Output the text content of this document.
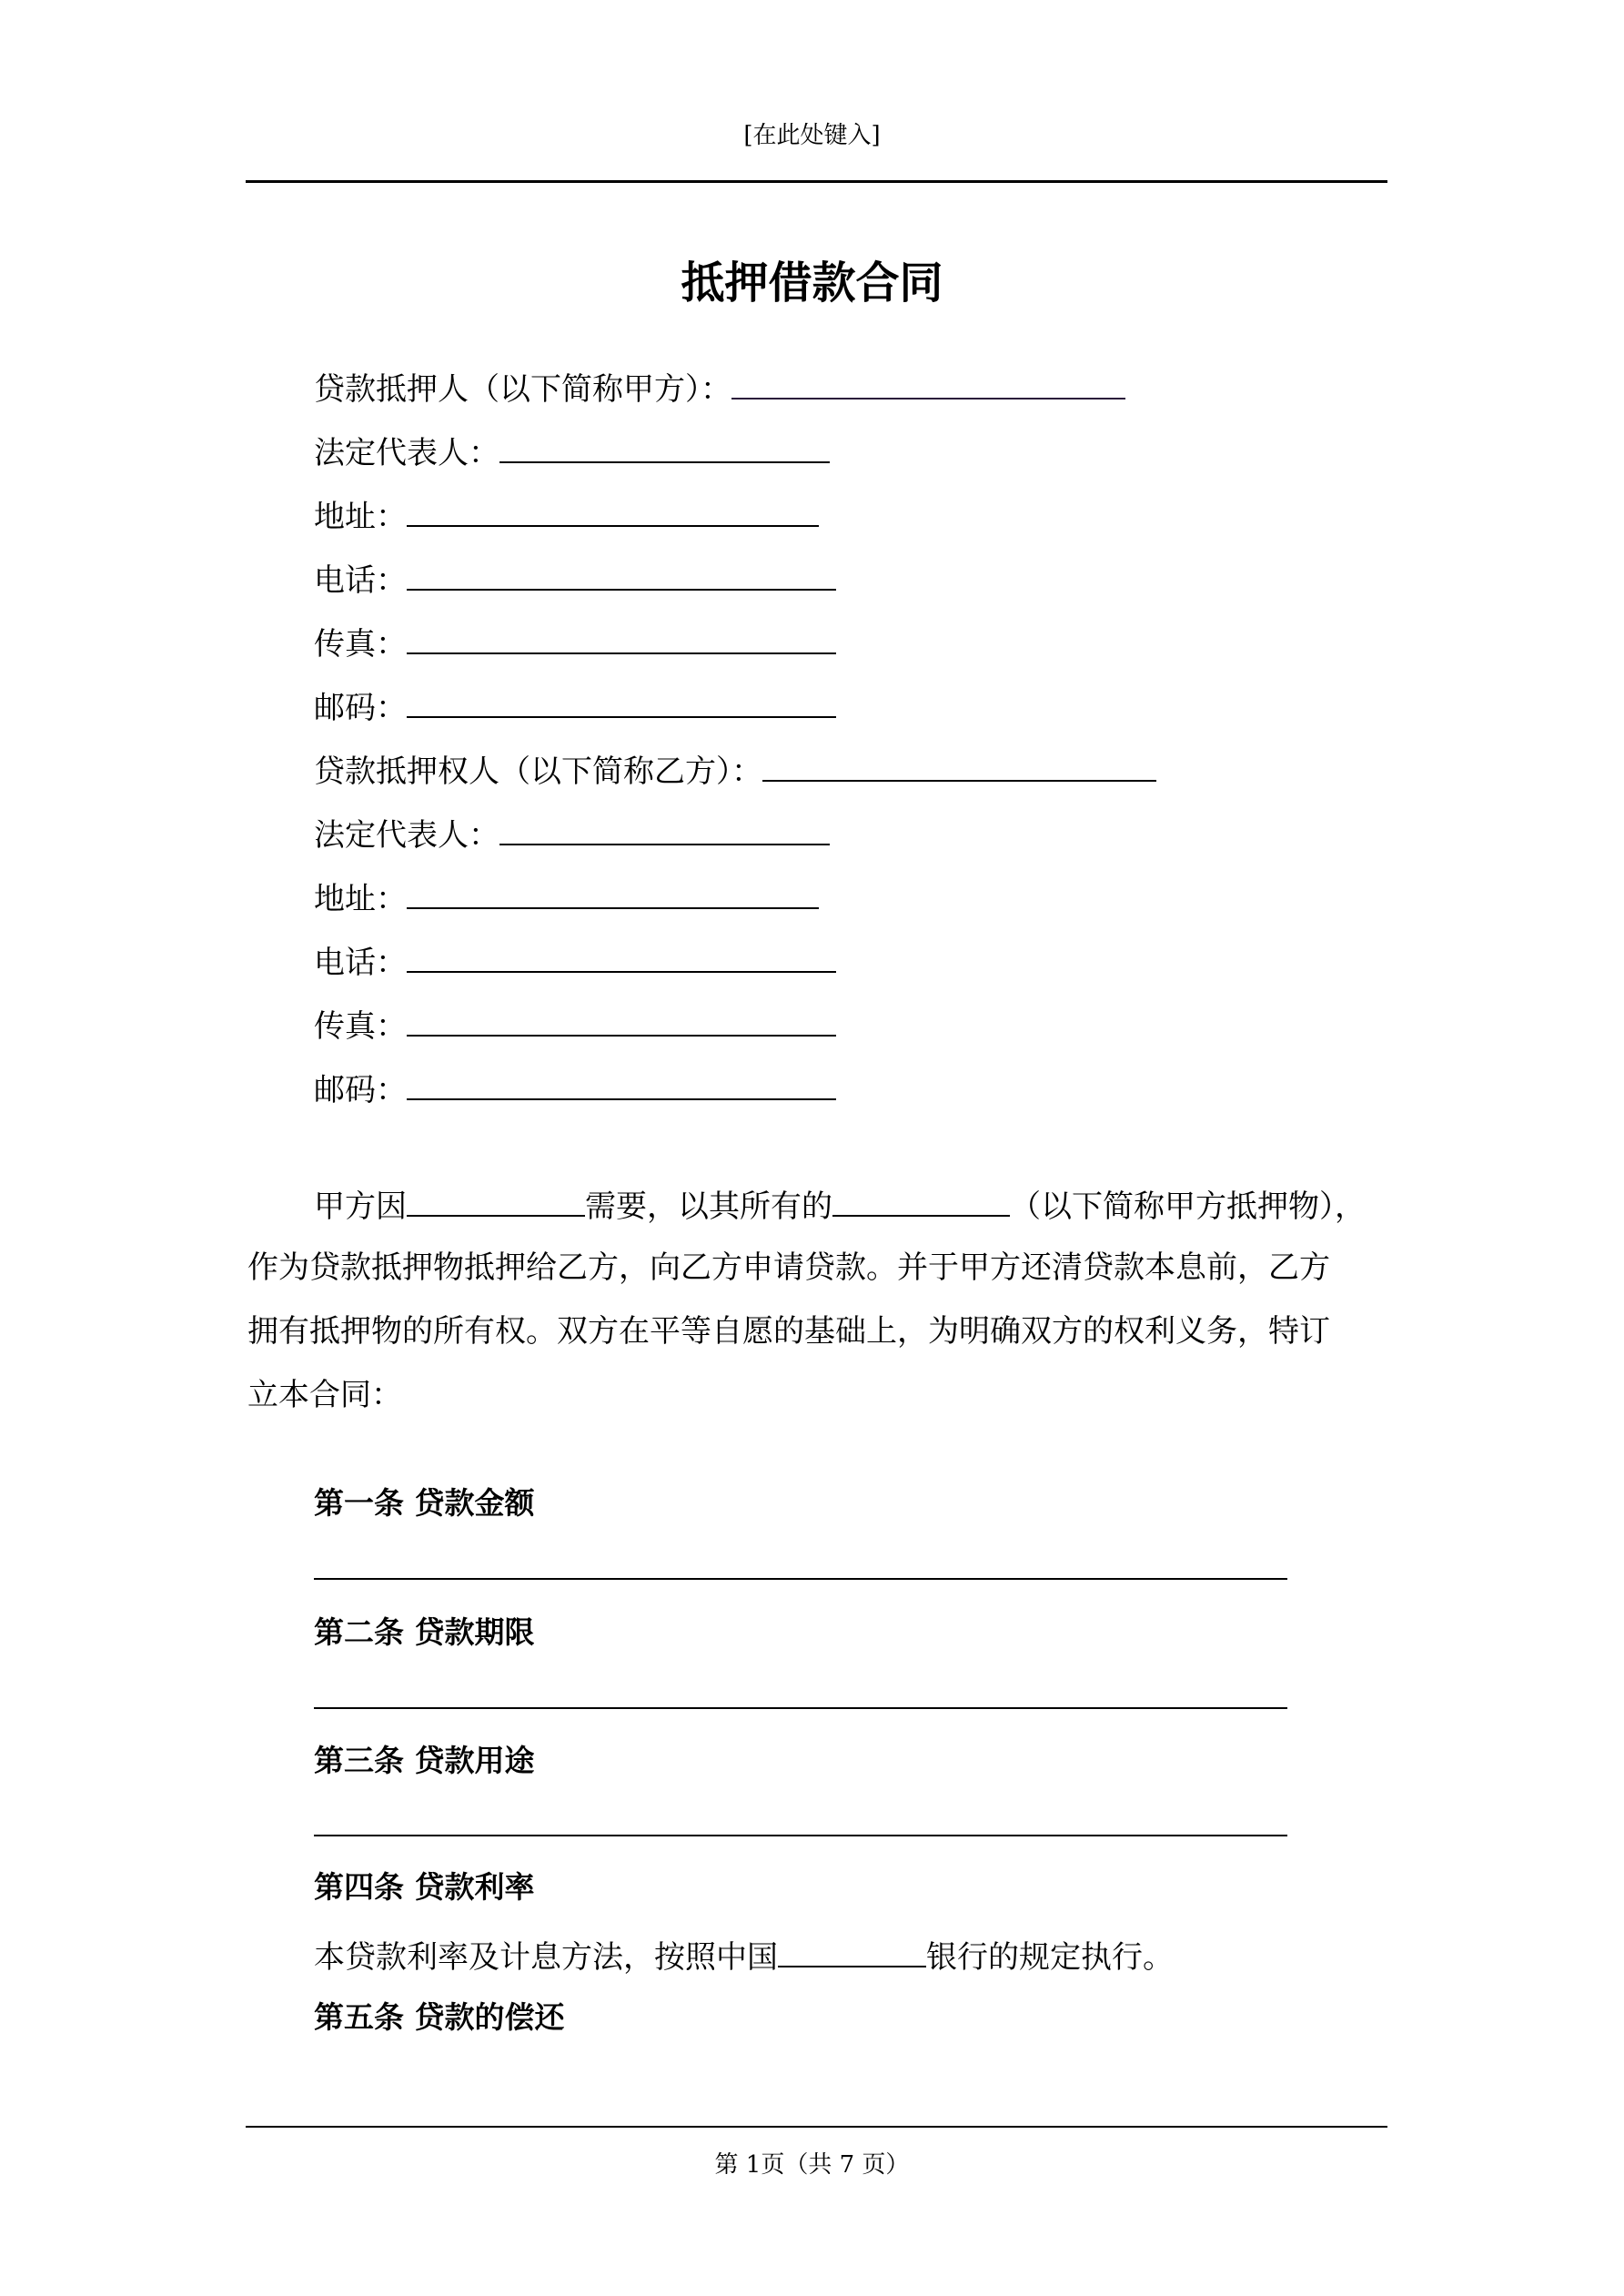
[在此处键入]
抵押借款合同
贷款抵押人（以下简称甲方）：
法定代表人：
地址：
电话：
传真：
邮码：
贷款抵押权人（以下简称乙方）：
法定代表人：
地址：
电话：
传真：
邮码：
甲方因	需要，以其所有的	（以下简称甲方抵押物），
作为贷款抵押物抵押给乙方，向乙方申请贷款。并于甲方还清贷款本息前，乙方
拥有抵押物的所有权。双方在平等自愿的基础上，为明确双方的权利义务，特订
立本合同：
第一条 贷款金额
第二条 贷款期限
第三条 贷款用途
第四条 贷款利率
本贷款利率及计息方法，按照中国	银行的规定执行。
第五条 贷款的偿还
第 1页（共 7 页）
